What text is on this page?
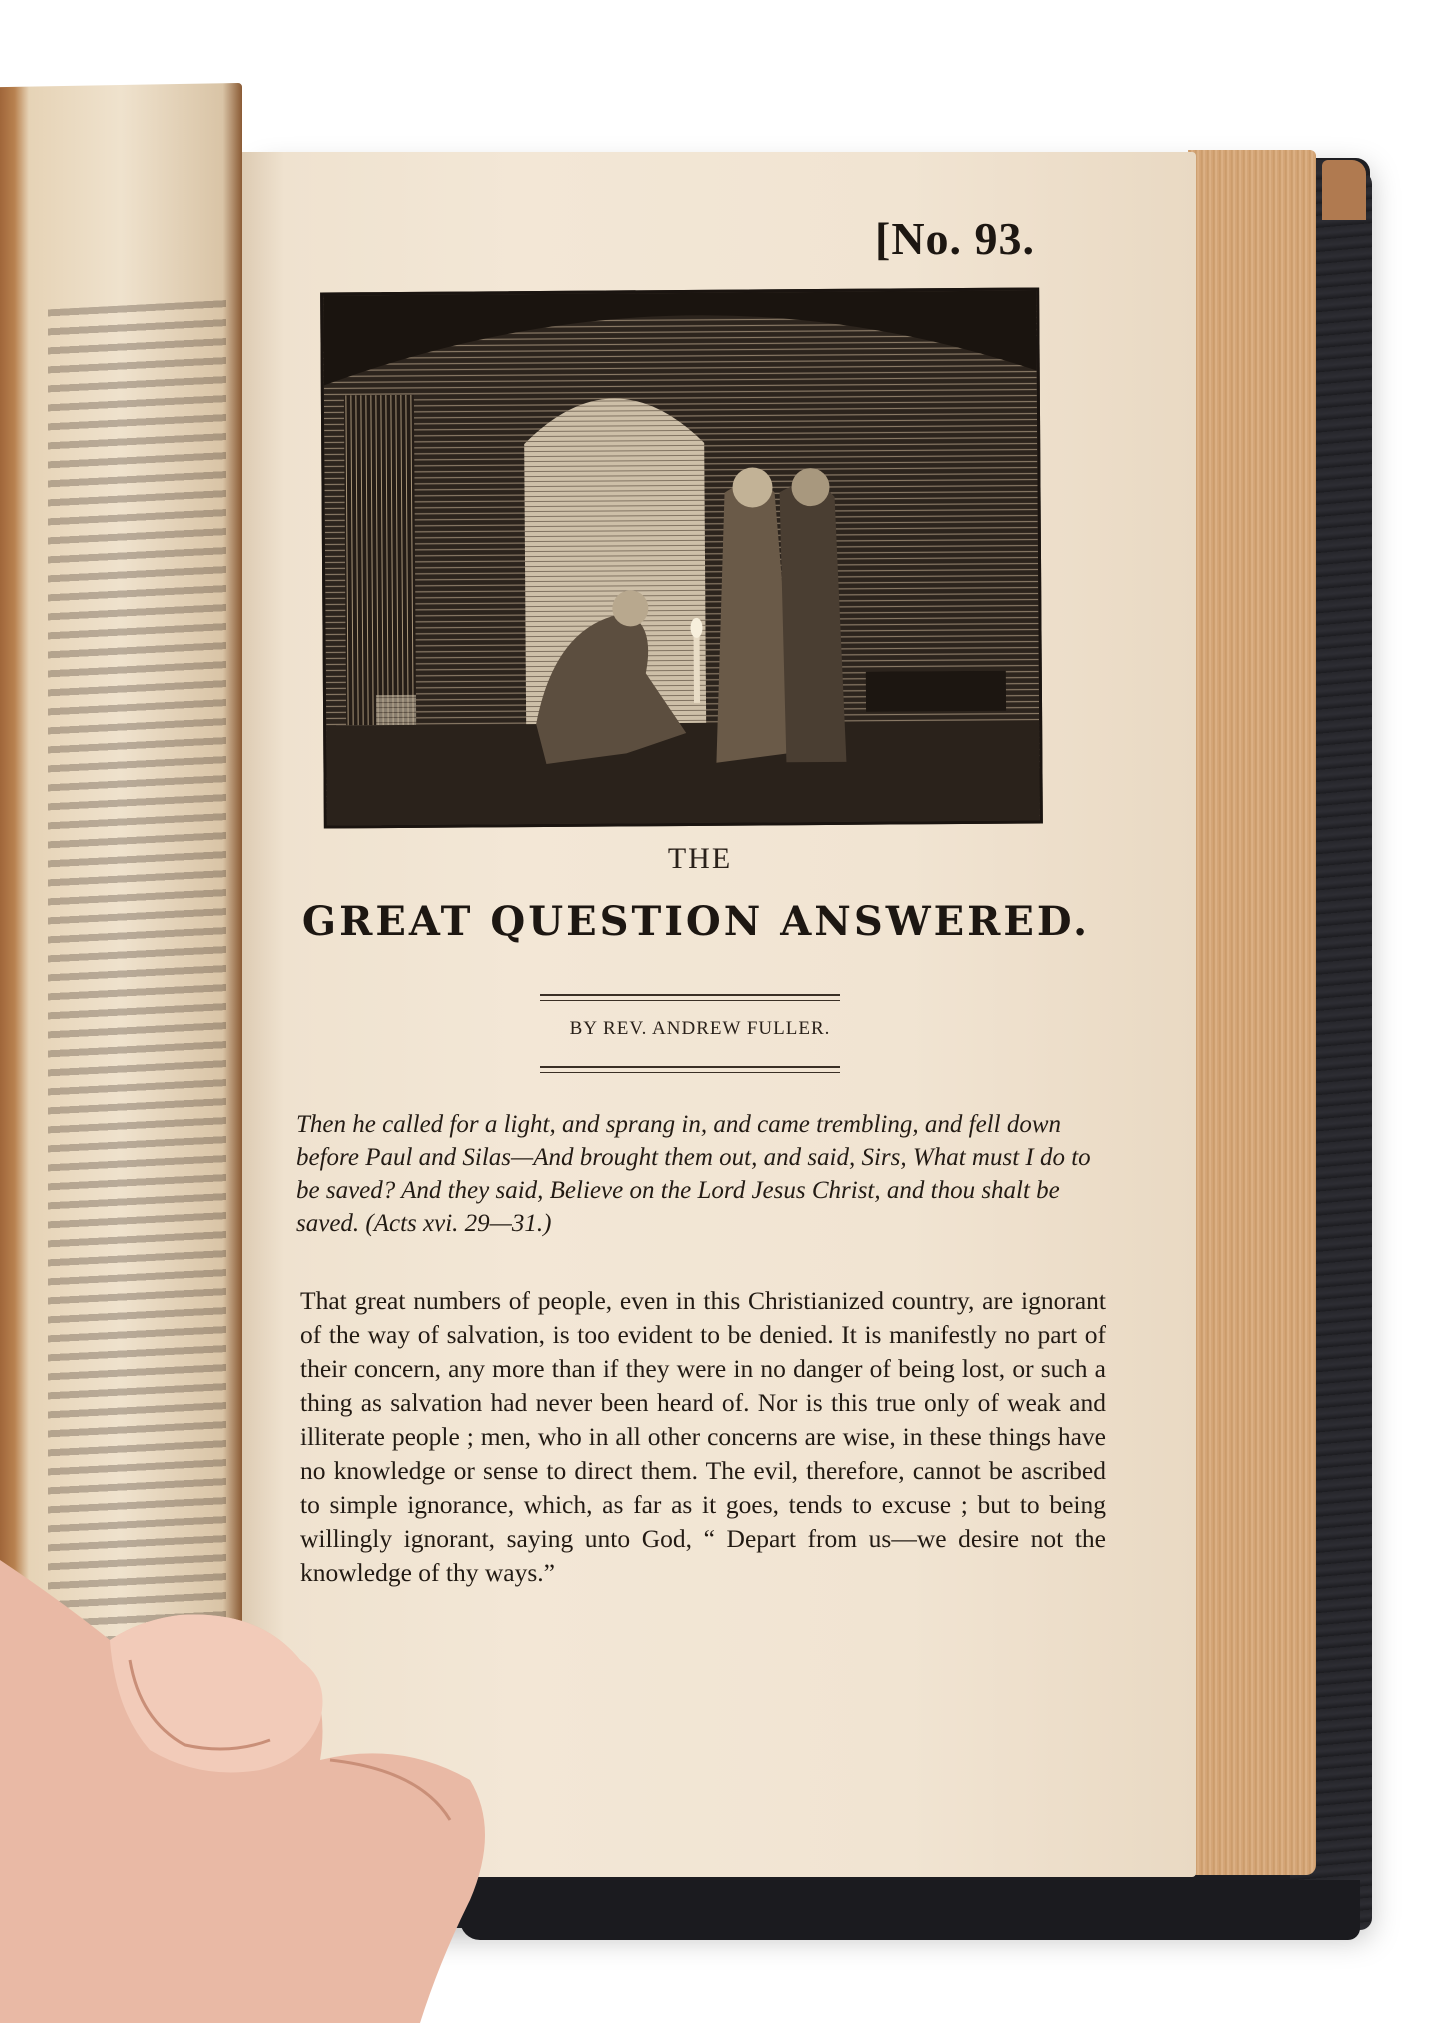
[No. 93.
THE
GREAT QUESTION ANSWERED.
BY REV. ANDREW FULLER.

Then he called for a light, and sprang in, and came trembling, and fell down before Paul and Silas—And brought them out, and said, Sirs, What must I do to be saved? And they said, Believe on the Lord Jesus Christ, and thou shalt be saved. (Acts xvi. 29—31.)

That great numbers of people, even in this Christianized country, are ignorant of the way of salvation, is too evident to be denied. It is manifestly no part of their concern, any more than if they were in no danger of being lost, or such a thing as salvation had never been heard of. Nor is this true only of weak and illiterate people ; men, who in all other concerns are wise, in these things have no knowledge or sense to direct them. The evil, therefore, cannot be ascribed to simple ignorance, which, as far as it goes, tends to excuse ; but to being willingly ignorant, saying unto God, “ Depart from us—we desire not the knowledge of thy ways.”
